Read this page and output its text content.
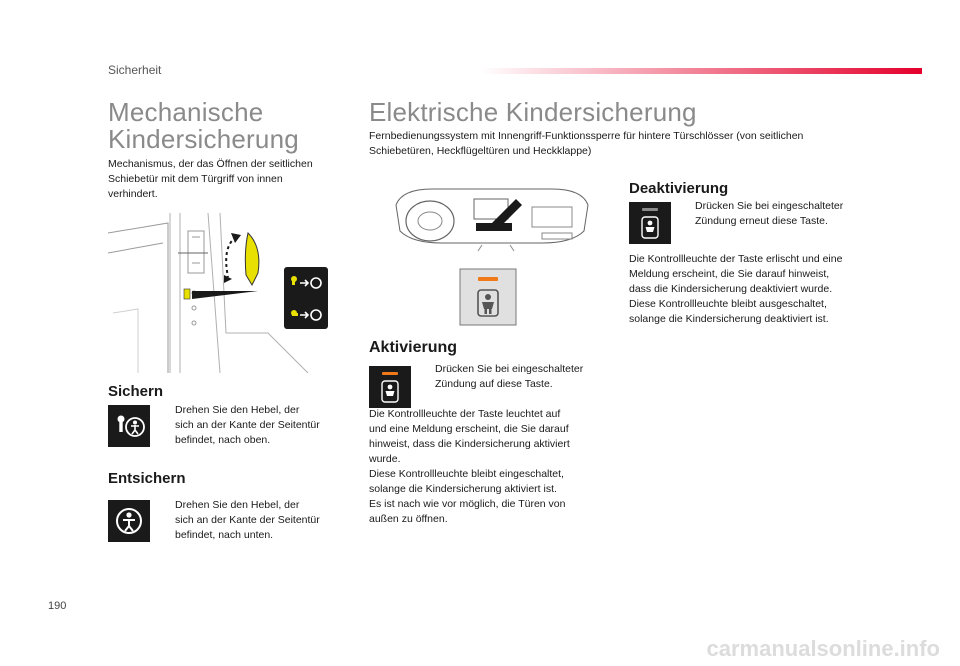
Sicherheit
Mechanische
Kindersicherung
Elektrische Kindersicherung
Mechanismus, der das Öffnen der seitlichen
Schiebetür mit dem Türgriff von innen
verhindert.
Fernbedienungssystem mit Innengriff-Funktionssperre für hintere Türschlösser (von seitlichen
Schiebetüren, Heckflügeltüren und Heckklappe)
Sichern
Drehen Sie den Hebel, der
sich an der Kante der Seitentür
befindet, nach oben.
Entsichern
Drehen Sie den Hebel, der
sich an der Kante der Seitentür
befindet, nach unten.
Aktivierung
Drücken Sie bei eingeschalteter
Zündung auf diese Taste.
Die Kontrollleuchte der Taste leuchtet auf
und eine Meldung erscheint, die Sie darauf
hinweist, dass die Kindersicherung aktiviert
wurde.
Diese Kontrollleuchte bleibt eingeschaltet,
solange die Kindersicherung aktiviert ist.
Es ist nach wie vor möglich, die Türen von
außen zu öffnen.
Deaktivierung
Drücken Sie bei eingeschalteter
Zündung erneut diese Taste.
Die Kontrollleuchte der Taste erlischt und eine
Meldung erscheint, die Sie darauf hinweist,
dass die Kindersicherung deaktiviert wurde.
Diese Kontrollleuchte bleibt ausgeschaltet,
solange die Kindersicherung deaktiviert ist.
190
carmanualsonline.info
